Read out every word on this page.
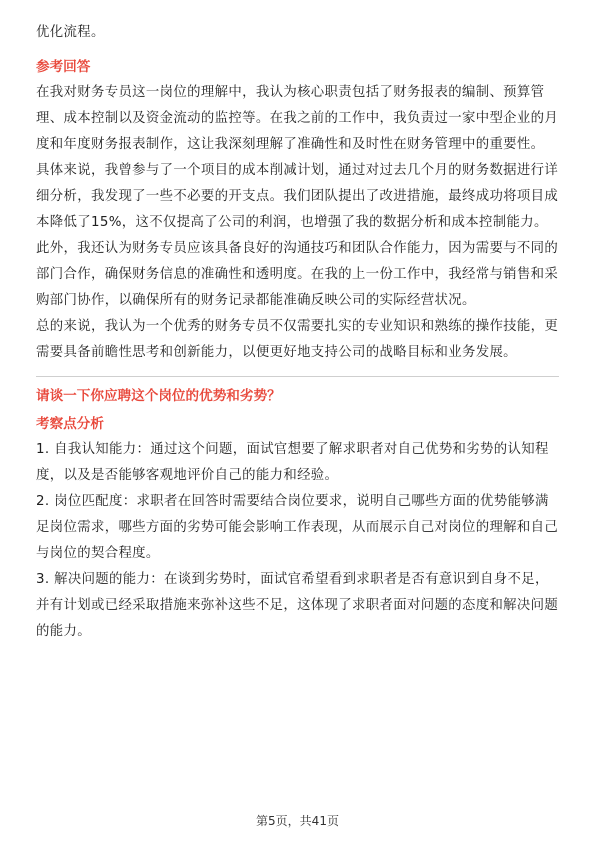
优化流程。

参考回答

在我对财务专员这一岗位的理解中，我认为核心职责包括了财务报表的编制、预算管理、成本控制以及资金流动的监控等。在我之前的工作中，我负责过一家中型企业的月度和年度财务报表制作，这让我深刻理解了准确性和及时性在财务管理中的重要性。

具体来说，我曾参与了一个项目的成本削减计划，通过对过去几个月的财务数据进行详细分析，我发现了一些不必要的开支点。我们团队提出了改进措施，最终成功将项目成本降低了15%，这不仅提高了公司的利润，也增强了我的数据分析和成本控制能力。

此外，我还认为财务专员应该具备良好的沟通技巧和团队合作能力，因为需要与不同的部门合作，确保财务信息的准确性和透明度。在我的上一份工作中，我经常与销售和采购部门协作，以确保所有的财务记录都能准确反映公司的实际经营状况。

总的来说，我认为一个优秀的财务专员不仅需要扎实的专业知识和熟练的操作技能，更需要具备前瞻性思考和创新能力，以便更好地支持公司的战略目标和业务发展。

请谈一下你应聘这个岗位的优势和劣势？
考察点分析

1. 自我认知能力：通过这个问题，面试官想要了解求职者对自己优势和劣势的认知程度，以及是否能够客观地评价自己的能力和经验。

2. 岗位匹配度：求职者在回答时需要结合岗位要求，说明自己哪些方面的优势能够满足岗位需求，哪些方面的劣势可能会影响工作表现，从而展示自己对岗位的理解和自己与岗位的契合程度。

3. 解决问题的能力：在谈到劣势时，面试官希望看到求职者是否有意识到自身不足，并有计划或已经采取措施来弥补这些不足，这体现了求职者面对问题的态度和解决问题的能力。

第5页，共41页
